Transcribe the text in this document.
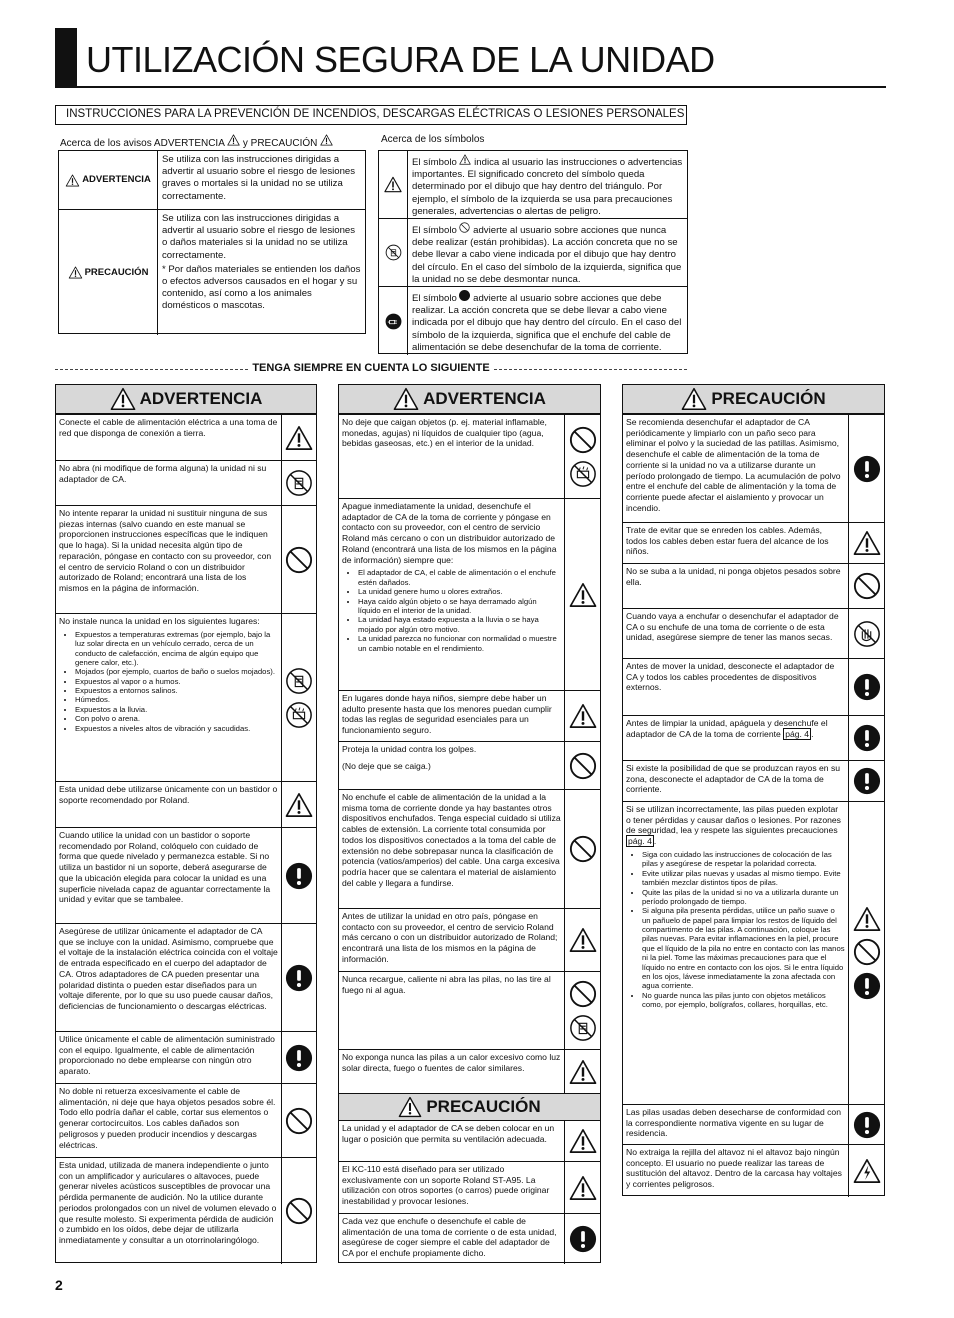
UTILIZACIÓN SEGURA DE LA UNIDAD
INSTRUCCIONES PARA LA PREVENCIÓN DE INCENDIOS, DESCARGAS ELÉCTRICAS O LESIONES PERSONALES
Acerca de los avisos ADVERTENCIA y PRECAUCIÓN
ADVERTENCIA
Se utiliza con las instrucciones dirigidas a advertir al usuario sobre el riesgo de lesiones graves o mortales si la unidad no se utiliza correctamente.
PRECAUCIÓN
Se utiliza con las instrucciones dirigidas a advertir al usuario sobre el riesgo de lesiones o daños materiales si la unidad no se utiliza correctamente.
* Por daños materiales se entienden los daños o efectos adversos causados en el hogar y su contenido, así como a los animales domésticos o mascotas.
Acerca de los símbolos
El símbolo indica al usuario las instrucciones o advertencias importantes. El significado concreto del símbolo queda determinado por el dibujo que hay dentro del triángulo. Por ejemplo, el símbolo de la izquierda se usa para precauciones generales, advertencias o alertas de peligro.
El símbolo advierte al usuario sobre acciones que nunca debe realizar (están prohibidas). La acción concreta que no se debe llevar a cabo viene indicada por el dibujo que hay dentro del círculo. En el caso del símbolo de la izquierda, significa que la unidad no se debe desmontar nunca.
El símbolo advierte al usuario sobre acciones que debe realizar. La acción concreta que se debe llevar a cabo viene indicada por el dibujo que hay dentro del círculo. En el caso del símbolo de la izquierda, significa que el enchufe del cable de alimentación se debe desenchufar de la toma de corriente.
TENGA SIEMPRE EN CUENTA LO SIGUIENTE
ADVERTENCIA
Conecte el cable de alimentación eléctrica a una toma de red que disponga de conexión a tierra.
No abra (ni modifique de forma alguna) la unidad ni su adaptador de CA.
No intente reparar la unidad ni sustituir ninguna de sus piezas internas (salvo cuando en este manual se proporcionen instrucciones específicas que le indiquen que lo haga). Si la unidad necesita algún tipo de reparación, póngase en contacto con su proveedor, con el centro de servicio Roland o con un distribuidor autorizado de Roland; encontrará una lista de los mismos en la página de información.
No instale nunca la unidad en los siguientes lugares:
• Expuestos a temperaturas extremas (por ejemplo, bajo la luz solar directa en un vehículo cerrado, cerca de un conducto de calefacción, encima de algún equipo que genere calor, etc.).
• Mojados (por ejemplo, cuartos de baño o suelos mojados).
• Expuestos al vapor o a humos.
• Expuestos a entornos salinos.
• Húmedos.
• Expuestos a la lluvia.
• Con polvo o arena.
• Expuestos a niveles altos de vibración y sacudidas.
Esta unidad debe utilizarse únicamente con un bastidor o soporte recomendado por Roland.
Cuando utilice la unidad con un bastidor o soporte recomendado por Roland, colóquelo con cuidado de forma que quede nivelado y permanezca estable. Si no utiliza un bastidor ni un soporte, deberá asegurarse de que la ubicación elegida para colocar la unidad es una superficie nivelada capaz de aguantar correctamente la unidad y evitar que se tambalee.
Asegúrese de utilizar únicamente el adaptador de CA que se incluye con la unidad. Asimismo, compruebe que el voltaje de la instalación eléctrica coincida con el voltaje de entrada especificado en el cuerpo del adaptador de CA. Otros adaptadores de CA pueden presentar una polaridad distinta o pueden estar diseñados para un voltaje diferente, por lo que su uso puede causar daños, deficiencias de funcionamiento o descargas eléctricas.
Utilice únicamente el cable de alimentación suministrado con el equipo. Igualmente, el cable de alimentación proporcionado no debe emplearse con ningún otro aparato.
No doble ni retuerza excesivamente el cable de alimentación, ni deje que haya objetos pesados sobre él. Todo ello podría dañar el cable, cortar sus elementos o generar cortocircuitos. Los cables dañados son peligrosos y pueden producir incendios y descargas eléctricas.
Esta unidad, utilizada de manera independiente o junto con un amplificador y auriculares o altavoces, puede generar niveles acústicos susceptibles de provocar una pérdida permanente de audición. No la utilice durante periodos prolongados con un nivel de volumen elevado o que resulte molesto. Si experimenta pérdida de audición o zumbido en los oídos, debe dejar de utilizarla inmediatamente y consultar a un otorrinolaringólogo.
ADVERTENCIA
No deje que caigan objetos (p. ej. material inflamable, monedas, agujas) ni líquidos de cualquier tipo (agua, bebidas gaseosas, etc.) en el interior de la unidad.
Apague inmediatamente la unidad, desenchufe el adaptador de CA de la toma de corriente y póngase en contacto con su proveedor, con el centro de servicio Roland más cercano o con un distribuidor autorizado de Roland (encontrará una lista de los mismos en la página de información) siempre que:
• El adaptador de CA, el cable de alimentación o el enchufe estén dañados.
• La unidad genere humo u olores extraños.
• Haya caído algún objeto o se haya derramado algún líquido en el interior de la unidad.
• La unidad haya estado expuesta a la lluvia o se haya mojado por algún otro motivo.
• La unidad parezca no funcionar con normalidad o muestre un cambio notable en el rendimiento.
En lugares donde haya niños, siempre debe haber un adulto presente hasta que los menores puedan cumplir todas las reglas de seguridad esenciales para un funcionamiento seguro.

Proteja la unidad contra los golpes.

(No deje que se caiga.)

No enchufe el cable de alimentación de la unidad a la misma toma de corriente donde ya hay bastantes otros dispositivos enchufados. Tenga especial cuidado si utiliza cables de extensión. La corriente total consumida por todos los dispositivos conectados a la toma del cable de extensión no debe sobrepasar nunca la clasificación de potencia (vatios/amperios) del cable. Una carga excesiva podría hacer que se calentara el material de aislamiento del cable y llegara a fundirse.
Antes de utilizar la unidad en otro país, póngase en contacto con su proveedor, el centro de servicio Roland más cercano o con un distribuidor autorizado de Roland; encontrará una lista de los mismos en la página de información.
Nunca recargue, caliente ni abra las pilas, no las tire al fuego ni al agua.
No exponga nunca las pilas a un calor excesivo como luz solar directa, fuego o fuentes de calor similares.
PRECAUCIÓN
La unidad y el adaptador de CA se deben colocar en un lugar o posición que permita su ventilación adecuada.
El KC-110 está diseñado para ser utilizado exclusivamente con un soporte Roland ST-A95. La utilización con otros soportes (o carros) puede originar inestabilidad y provocar lesiones.
Cada vez que enchufe o desenchufe el cable de alimentación de una toma de corriente o de esta unidad, asegúrese de coger siempre el cable del adaptador de CA por el enchufe propiamente dicho.
PRECAUCIÓN
Se recomienda desenchufar el adaptador de CA periódicamente y limpiarlo con un paño seco para eliminar el polvo y la suciedad de las patillas. Asimismo, desenchufe el cable de alimentación de la toma de corriente si la unidad no va a utilizarse durante un período prolongado de tiempo. La acumulación de polvo entre el enchufe del cable de alimentación y la toma de corriente puede afectar el aislamiento y provocar un incendio.
Trate de evitar que se enreden los cables. Además, todos los cables deben estar fuera del alcance de los niños.
No se suba a la unidad, ni ponga objetos pesados sobre ella.
Cuando vaya a enchufar o desenchufar el adaptador de CA o su enchufe de una toma de corriente o de esta unidad, asegúrese siempre de tener las manos secas.
Antes de mover la unidad, desconecte el adaptador de CA y todos los cables procedentes de dispositivos externos.
Antes de limpiar la unidad, apáguela y desenchufe el adaptador de CA de la toma de corriente pág. 4 .
Si existe la posibilidad de que se produzcan rayos en su zona, desconecte el adaptador de CA de la toma de corriente.
Si se utilizan incorrectamente, las pilas pueden explotar o tener pérdidas y causar daños o lesiones. Por razones de seguridad, lea y respete las siguientes precauciones pág. 4 .
• Siga con cuidado las instrucciones de colocación de las pilas y asegúrese de respetar la polaridad correcta.
• Evite utilizar pilas nuevas y usadas al mismo tiempo. Evite también mezclar distintos tipos de pilas.
• Quite las pilas de la unidad si no va a utilizarla durante un período prolongado de tiempo.
• Si alguna pila presenta pérdidas, utilice un paño suave o un pañuelo de papel para limpiar los restos de líquido del compartimento de las pilas. A continuación, coloque las pilas nuevas. Para evitar inflamaciones en la piel, procure que el líquido de la pila no entre en contacto con las manos ni la piel. Tome las máximas precauciones para que el líquido no entre en contacto con los ojos. Si le entra líquido en los ojos, lávese inmediatamente la zona afectada con agua corriente.
• No guarde nunca las pilas junto con objetos metálicos como, por ejemplo, bolígrafos, collares, horquillas, etc.
Las pilas usadas deben desecharse de conformidad con la correspondiente normativa vigente en su lugar de residencia.
No extraiga la rejilla del altavoz ni el altavoz bajo ningún concepto. El usuario no puede realizar las tareas de sustitución del altavoz. Dentro de la carcasa hay voltajes y corrientes peligrosos.
2
